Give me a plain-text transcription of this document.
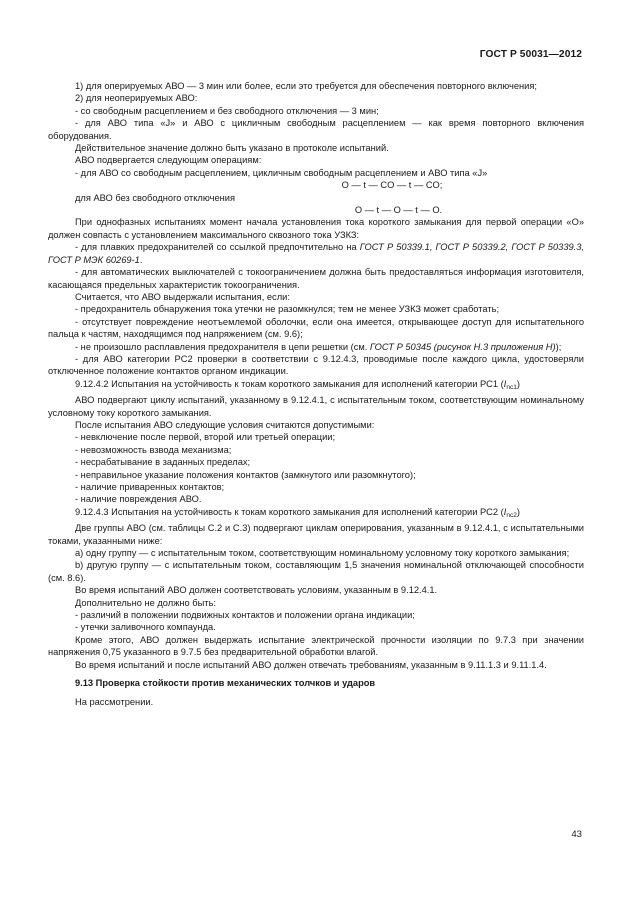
ГОСТ Р 50031—2012

1) для оперируемых АВО — 3 мин или более, если это требуется для обеспечения повторного включения;

2) для неоперируемых АВО:

- со свободным расцеплением и без свободного отключения — 3 мин;

- для АВО типа «J» и АВО с цикличным свободным расцеплением — как время повторного включения оборудования.

Действительное значение должно быть указано в протоколе испытаний.

АВО подвергается следующим операциям:

- для АВО со свободным расцеплением, цикличным свободным расцеплением и АВО типа «J»

O — t — CO — t — CO;

для АВО без свободного отключения

O — t — O — t — O.

При однофазных испытаниях момент начала установления тока короткого замыкания для первой операции «O» должен совпасть с установлением максимального сквозного тока УЗКЗ:

- для плавких предохранителей со ссылкой предпочтительно на ГОСТ Р 50339.1, ГОСТ Р 50339.2, ГОСТ Р 50339.3, ГОСТ Р МЭК 60269-1.

- для автоматических выключателей с токоограничением должна быть предоставляться информация изготовителя, касающаяся предельных характеристик токоограничения.

Считается, что АВО выдержали испытания, если:

- предохранитель обнаружения тока утечки не разомкнулся; тем не менее УЗКЗ может сработать;

- отсутствует повреждение неотъемлемой оболочки, если она имеется, открывающее доступ для испытательного пальца к частям, находящимся под напряжением (см. 9.6);

- не произошло расплавления предохранителя в цепи решетки (см. ГОСТ Р 50345 (рисунок Н.3 приложения Н));

- для АВО категории PC2 проверки в соответствии с 9.12.4.3, проводимые после каждого цикла, удостоверяли отключенное положение контактов органом индикации.

9.12.4.2 Испытания на устойчивость к токам короткого замыкания для исполнений категории PC1 $(I_{nc1})$

АВО подвергают циклу испытаний, указанному в 9.12.4.1, с испытательным током, соответствующим номинальному условному току короткого замыкания.

После испытания АВО следующие условия считаются допустимыми:

- невключение после первой, второй или третьей операции;

- невозможность взвода механизма;

- несрабатывание в заданных пределах;

- неправильное указание положения контактов (замкнутого или разомкнутого);

- наличие приваренных контактов;

- наличие повреждения АВО.

9.12.4.3 Испытания на устойчивость к токам короткого замыкания для исполнений категории PC2 $(I_{nc2})$

Две группы АВО (см. таблицы С.2 и С.3) подвергают циклам оперирования, указанным в 9.12.4.1, с испытательными токами, указанными ниже:

а) одну группу — с испытательным током, соответствующим номинальному условному току короткого замыкания;

b) другую группу — с испытательным током, составляющим 1,5 значения номинальной отключающей способности (см. 8.6).

Во время испытаний АВО должен соответствовать условиям, указанным в 9.12.4.1.

Дополнительно не должно быть:

- различий в положении подвижных контактов и положении органа индикации;

- утечки заливочного компаунда.

Кроме этого, АВО должен выдержать испытание электрической прочности изоляции по 9.7.3 при значении напряжения 0,75 указанного в 9.7.5 без предварительной обработки влагой.

Во время испытаний и после испытаний АВО должен отвечать требованиям, указанным в 9.11.1.3 и 9.11.1.4.

9.13 Проверка стойкости против механических толчков и ударов

На рассмотрении.

43
